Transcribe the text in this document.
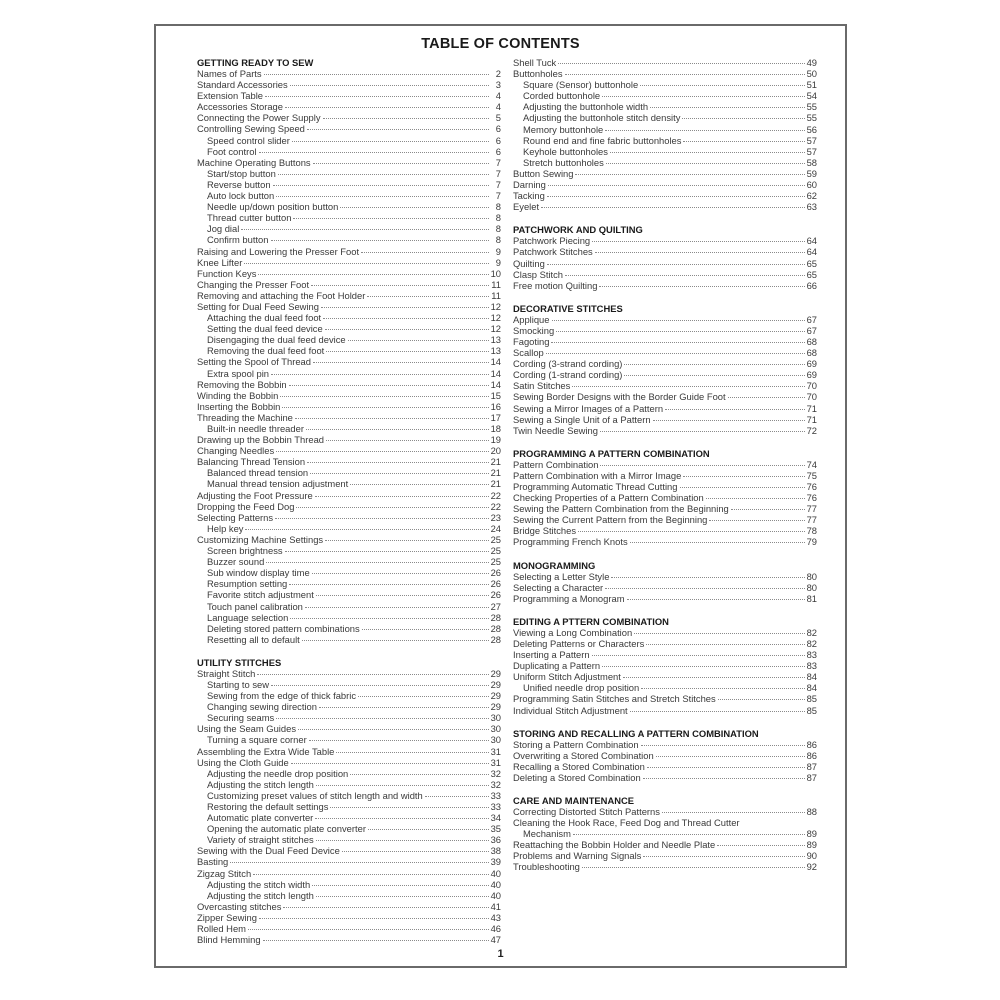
TABLE OF CONTENTS
GETTING READY TO SEW
Names of Parts	2
Standard Accessories	3
Extension Table	4
Accessories Storage	4
Connecting the Power Supply	5
Controlling Sewing Speed	6
Speed control slider	6
Foot control	6
Machine Operating Buttons	7
Start/stop button	7
Reverse button	7
Auto lock button	7
Needle up/down position button	8
Thread cutter button	8
Jog dial	8
Confirm button	8
Raising and Lowering the Presser Foot	9
Knee Lifter	9
Function Keys	10
Changing the Presser Foot	11
Removing and attaching the Foot Holder	11
Setting for Dual Feed Sewing	12
Attaching the dual feed foot	12
Setting the dual feed device	12
Disengaging the dual feed device	13
Removing the dual feed foot	13
Setting the Spool of Thread	14
Extra spool pin	14
Removing the Bobbin	14
Winding the Bobbin	15
Inserting the Bobbin	16
Threading the Machine	17
Built-in needle threader	18
Drawing up the Bobbin Thread	19
Changing Needles	20
Balancing Thread Tension	21
Balanced thread tension	21
Manual thread tension adjustment	21
Adjusting the Foot Pressure	22
Dropping the Feed Dog	22
Selecting Patterns	23
Help key	24
Customizing Machine Settings	25
Screen brightness	25
Buzzer sound	25
Sub window display time	26
Resumption setting	26
Favorite stitch adjustment	26
Touch panel calibration	27
Language selection	28
Deleting stored pattern combinations	28
Resetting all to default	28
UTILITY STITCHES
Straight Stitch	29
Starting to sew	29
Sewing from the edge of thick fabric	29
Changing sewing direction	29
Securing seams	30
Using the Seam Guides	30
Turning a square corner	30
Assembling the Extra Wide Table	31
Using the Cloth Guide	31
Adjusting the needle drop position	32
Adjusting the stitch length	32
Customizing preset values of stitch length and width	33
Restoring the default settings	33
Automatic plate converter	34
Opening the automatic plate converter	35
Variety of straight stitches	36
Sewing with the Dual Feed Device	38
Basting	39
Zigzag Stitch	40
Adjusting the stitch width	40
Adjusting the stitch length	40
Overcasting stitches	41
Zipper Sewing	43
Rolled Hem	46
Blind Hemming	47
Shell Tuck	49
Buttonholes	50
Square (Sensor) buttonhole	51
Corded buttonhole	54
Adjusting the buttonhole width	55
Adjusting the buttonhole stitch density	55
Memory buttonhole	56
Round end and fine fabric buttonholes	57
Keyhole buttonholes	57
Stretch buttonholes	58
Button Sewing	59
Darning	60
Tacking	62
Eyelet	63
PATCHWORK AND QUILTING
Patchwork Piecing	64
Patchwork Stitches	64
Quilting	65
Clasp Stitch	65
Free motion Quilting	66
DECORATIVE STITCHES
Applique	67
Smocking	67
Fagoting	68
Scallop	68
Cording (3-strand cording)	69
Cording (1-strand cording)	69
Satin Stitches	70
Sewing Border Designs with the Border Guide Foot	70
Sewing a Mirror Images of a Pattern	71
Sewing a Single Unit of a Pattern	71
Twin Needle Sewing	72
PROGRAMMING A PATTERN COMBINATION
Pattern Combination	74
Pattern Combination with a Mirror Image	75
Programming Automatic Thread Cutting	76
Checking Properties of a Pattern Combination	76
Sewing the Pattern Combination from the Beginning	77
Sewing the Current Pattern from the Beginning	77
Bridge Stitches	78
Programming French Knots	79
MONOGRAMMING
Selecting a Letter Style	80
Selecting a Character	80
Programming a Monogram	81
EDITING A PTTERN COMBINATION
Viewing a Long Combination	82
Deleting Patterns or Characters	82
Inserting a Pattern	83
Duplicating a Pattern	83
Uniform Stitch Adjustment	84
Unified needle drop position	84
Programming Satin Stitches and Stretch Stitches	85
Individual Stitch Adjustment	85
STORING AND RECALLING A PATTERN COMBINATION
Storing a Pattern Combination	86
Overwriting a Stored Combination	86
Recalling a Stored Combination	87
Deleting a Stored Combination	87
CARE AND MAINTENANCE
Correcting Distorted Stitch Patterns	88
Cleaning the Hook Race, Feed Dog and Thread Cutter
Mechanism	89
Reattaching the Bobbin Holder and Needle Plate	89
Problems and Warning Signals	90
Troubleshooting	92
1
